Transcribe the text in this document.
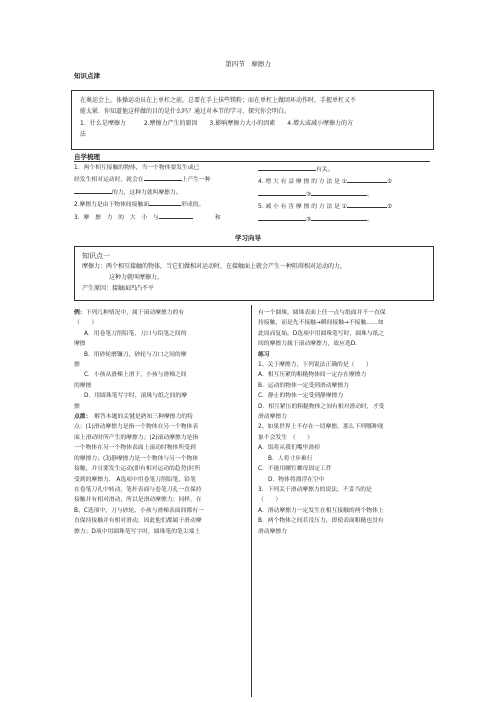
第四节　摩擦力
知识点津
在奥运会上，体操运动员在上单杠之前，总要在手上抹些镁粉；而在单杠上做回环动作时，手握单杠又不
能太紧．你知道他这样做的目的是什么吗？通过对本节的学习、探究你会明白。
1．什么是摩擦力　　　2.摩擦力产生的原因　　3.影响摩擦力大小的因素　　4.增大或减小摩擦力的方
法
自学梳理
1．两个相互接触的物体，当一个物体要发生或已
经发生相对运动时，就会在	上产生一种
的力，这种力就叫摩擦力。
2.摩擦力是由于物体间接触面	形成的。
3．摩　擦　力　的　大　小　与	和
有关。
4. 增 大 有 益 摩 擦 的 方 法 是 ①	②
③	。
5. 减 小 有 害 摩 擦 的 方 法 是 ①	②
③	。
学习向导
知识点一
摩擦力：两个相互接触的物体，当它们做相对运动时，在接触面上就会产生一种阻碍相对运动的力，
这种力就叫摩擦力。
产生原因：接触面凹凸不平
例：下列几种情况中，属于滚动摩擦力的有
（　　）
A．用卷笔刀削铅笔，刀口与铅笔之间的
摩擦
B．用砂轮磨镰刀，砂轮与刀口之间的摩
擦
C．小孩从滑梯上滑下，小孩与滑梯之间
的摩擦
D．用圆珠笔写字时，滚珠与纸之间的摩
擦
点拨：　解答本题的关键是熟知三种摩擦力的特
点：(1)滑动摩擦力是指一个物体在另一个物体表
面上滑动时所产生的摩擦力；(2)滚动摩擦力是指
一个物体在另一个物体表面上滚动时物体所受到
的摩擦力；(3)静摩擦力是一个物体与另一个物体
接触，并且要发生运动(即有相对运动的趋势)时所
受到的摩擦力.　A选项中用卷笔刀削铅笔，铅笔
在卷笔刀孔中转动，笔杆表面与卷笔刀孔一直保持
接触并有相对滑动，所以是滑动摩擦力；同样，在
B、C选项中，刀与砂轮、小孩与滑梯表面间都有一
直保持接触并有相对滑动，因此他们都属于滑动摩
擦力；D项中用圆珠笔写字时，圆珠笔的笔尖端上
有一个圆珠，圆珠表面上任一点与纸面并不一直保
持接触，而是先不接触→瞬间接触→不接触……如
此周而复始，D选项中用圆珠笔写时，圆珠与纸之
间的摩擦力属于滚动摩擦力，故应选D.
练习
1、关于摩擦力，下列说法正确的是（　　）
A．相互压紧的粗糙物体间一定存在摩擦力
B．运动的物体一定受到滑动摩擦力
C．静止的物体一定受到静摩擦力
D．相互紧压的粗糙物体之间有相对滑动时，才受
滑动摩擦力
2、如果世界上不存在一切摩擦，那么下列哪种现
象不会发生　（　　）
A．饭将从我们嘴里滑掉
B．人将寸步难行
C．不能用螺钉螺母固定工件
D．物体将漂浮在空中
3．下列关于滑动摩擦力的说法，不妥当的是
（　　）
A．滑动摩擦力一定发生在相互接触的两个物体上
B．两个物体之间若没压力，即使表面粗糙也没有
滑动摩擦力
